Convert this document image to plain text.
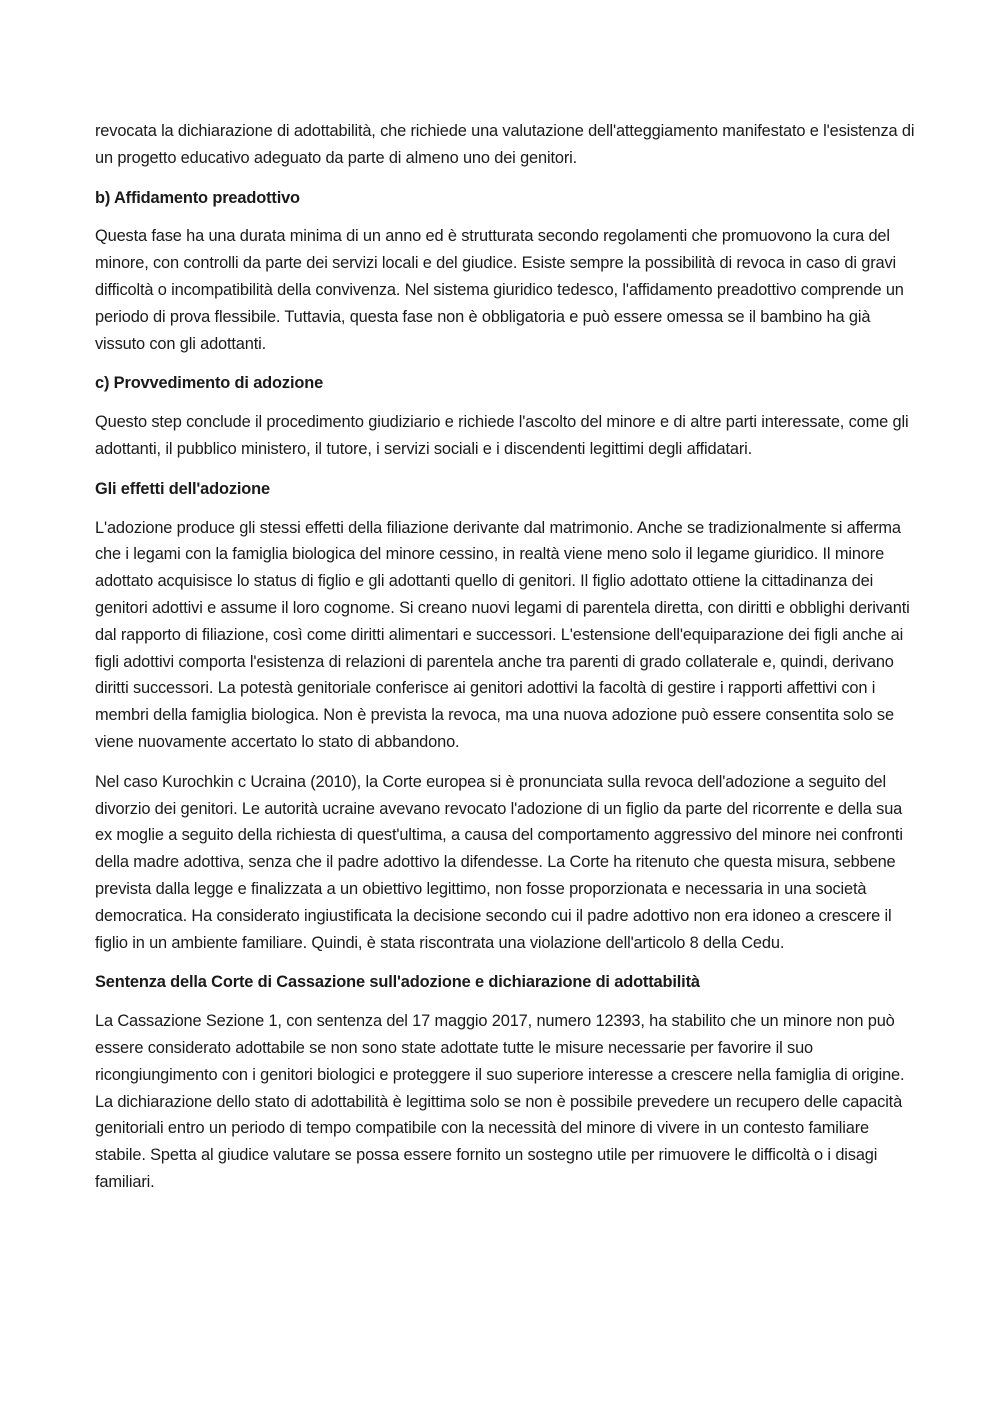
revocata la dichiarazione di adottabilità, che richiede una valutazione dell'atteggiamento manifestato e l'esistenza di un progetto educativo adeguato da parte di almeno uno dei genitori.

b) Affidamento preadottivo

Questa fase ha una durata minima di un anno ed è strutturata secondo regolamenti che promuovono la cura del minore, con controlli da parte dei servizi locali e del giudice. Esiste sempre la possibilità di revoca in caso di gravi difficoltà o incompatibilità della convivenza. Nel sistema giuridico tedesco, l'affidamento preadottivo comprende un periodo di prova flessibile. Tuttavia, questa fase non è obbligatoria e può essere omessa se il bambino ha già vissuto con gli adottanti.

c) Provvedimento di adozione

Questo step conclude il procedimento giudiziario e richiede l'ascolto del minore e di altre parti interessate, come gli adottanti, il pubblico ministero, il tutore, i servizi sociali e i discendenti legittimi degli affidatari.

Gli effetti dell'adozione

L'adozione produce gli stessi effetti della filiazione derivante dal matrimonio. Anche se tradizionalmente si afferma che i legami con la famiglia biologica del minore cessino, in realtà viene meno solo il legame giuridico. Il minore adottato acquisisce lo status di figlio e gli adottanti quello di genitori. Il figlio adottato ottiene la cittadinanza dei genitori adottivi e assume il loro cognome. Si creano nuovi legami di parentela diretta, con diritti e obblighi derivanti dal rapporto di filiazione, così come diritti alimentari e successori. L'estensione dell'equiparazione dei figli anche ai figli adottivi comporta l'esistenza di relazioni di parentela anche tra parenti di grado collaterale e, quindi, derivano diritti successori. La potestà genitoriale conferisce ai genitori adottivi la facoltà di gestire i rapporti affettivi con i membri della famiglia biologica. Non è prevista la revoca, ma una nuova adozione può essere consentita solo se viene nuovamente accertato lo stato di abbandono.

Nel caso Kurochkin c Ucraina (2010), la Corte europea si è pronunciata sulla revoca dell'adozione a seguito del divorzio dei genitori. Le autorità ucraine avevano revocato l'adozione di un figlio da parte del ricorrente e della sua ex moglie a seguito della richiesta di quest'ultima, a causa del comportamento aggressivo del minore nei confronti della madre adottiva, senza che il padre adottivo la difendesse. La Corte ha ritenuto che questa misura, sebbene prevista dalla legge e finalizzata a un obiettivo legittimo, non fosse proporzionata e necessaria in una società democratica. Ha considerato ingiustificata la decisione secondo cui il padre adottivo non era idoneo a crescere il figlio in un ambiente familiare. Quindi, è stata riscontrata una violazione dell'articolo 8 della Cedu.

Sentenza della Corte di Cassazione sull'adozione e dichiarazione di adottabilità

La Cassazione Sezione 1, con sentenza del 17 maggio 2017, numero 12393, ha stabilito che un minore non può essere considerato adottabile se non sono state adottate tutte le misure necessarie per favorire il suo ricongiungimento con i genitori biologici e proteggere il suo superiore interesse a crescere nella famiglia di origine. La dichiarazione dello stato di adottabilità è legittima solo se non è possibile prevedere un recupero delle capacità genitoriali entro un periodo di tempo compatibile con la necessità del minore di vivere in un contesto familiare stabile. Spetta al giudice valutare se possa essere fornito un sostegno utile per rimuovere le difficoltà o i disagi familiari.
